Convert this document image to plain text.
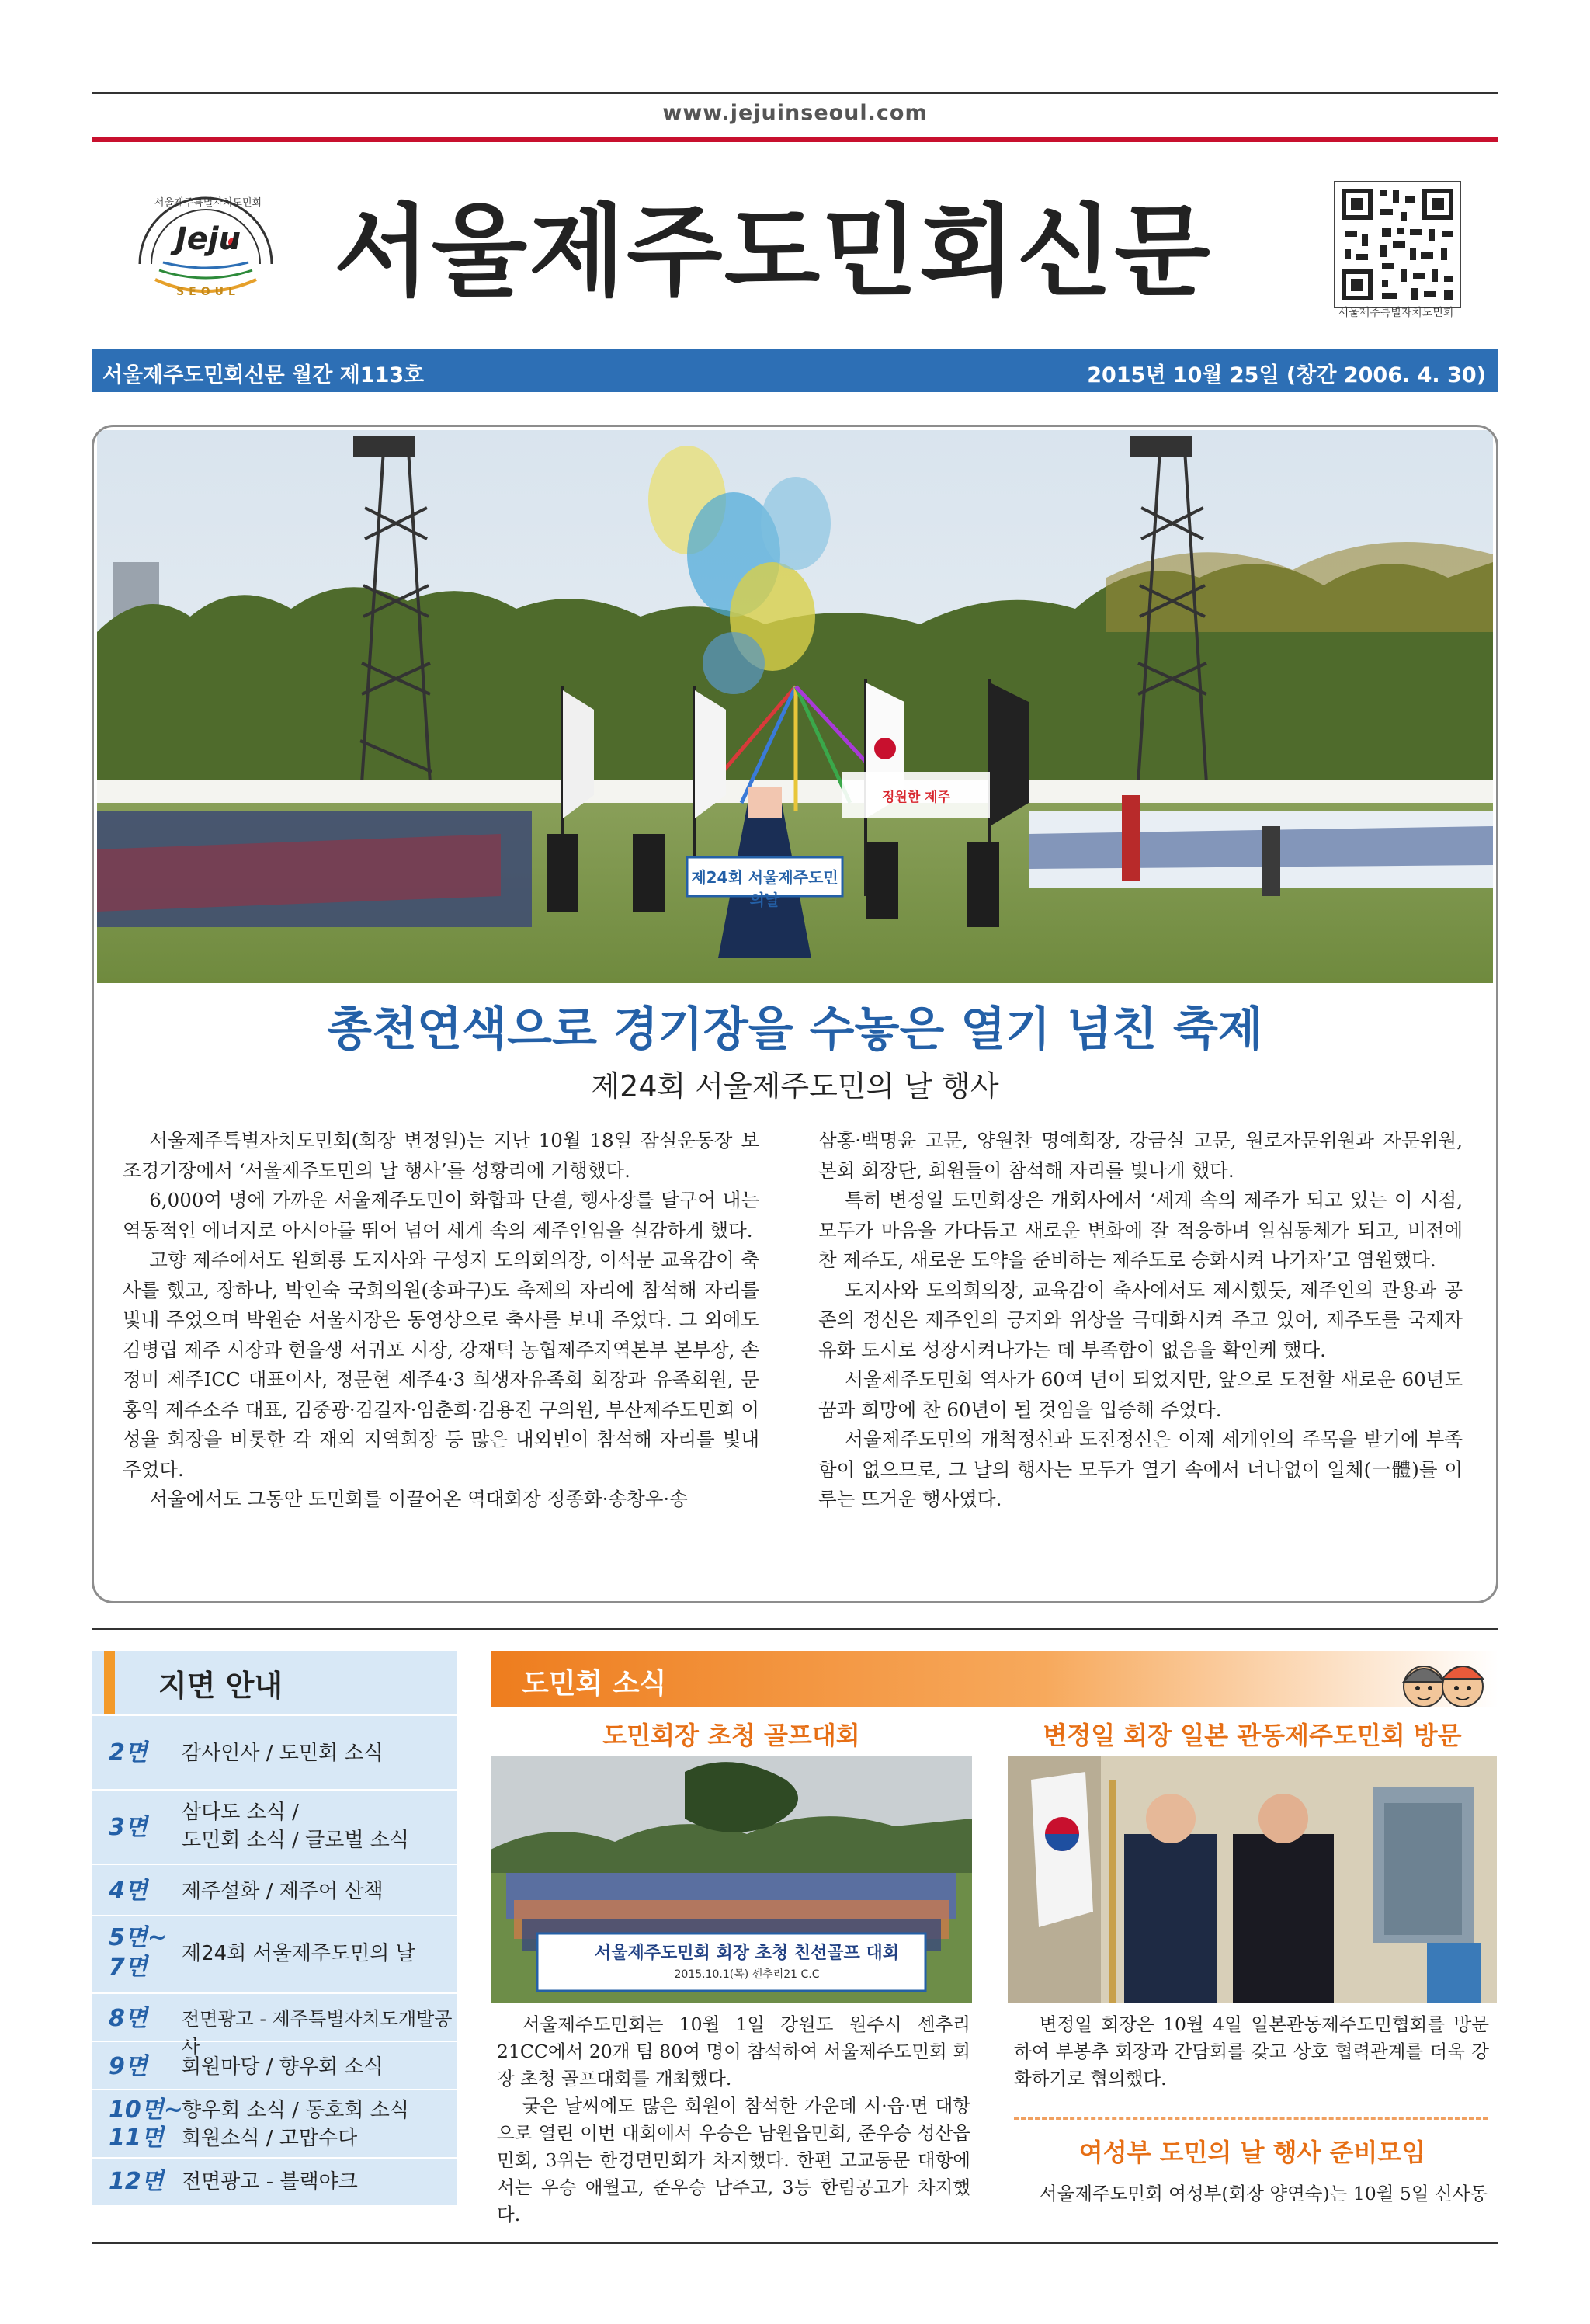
www.jejuinseoul.com
Jeju
서울제주특별자치도민회
SEOUL 서울제주도민회신문
서울제주특별자치도민회
서울제주도민회신문 월간 제113호	2015년 10월 25일 (창간 2006. 4. 30)
제24회 서울제주도민의날
정원한 제주
총천연색으로 경기장을 수놓은 열기 넘친 축제
제24회 서울제주도민의 날 행사

서울제주특별자치도민회(회장 변정일)는 지난 10월 18일 잠실운동장 보조경기장에서 ‘서울제주도민의 날 행사’를 성황리에 거행했다.

6,000여 명에 가까운 서울제주도민이 화합과 단결, 행사장를 달구어 내는 역동적인 에너지로 아시아를 뛰어 넘어 세계 속의 제주인임을 실감하게 했다.

고향 제주에서도 원희룡 도지사와 구성지 도의회의장, 이석문 교육감이 축사를 했고, 장하나, 박인숙 국회의원(송파구)도 축제의 자리에 참석해 자리를 빛내 주었으며 박원순 서울시장은 동영상으로 축사를 보내 주었다. 그 외에도 김병립 제주 시장과 현을생 서귀포 시장, 강재덕 농협제주지역본부 본부장, 손정미 제주ICC 대표이사, 정문현 제주4·3 희생자유족회 회장과 유족회원, 문홍익 제주소주 대표, 김중광·김길자·임춘희·김용진 구의원, 부산제주도민회 이성율 회장을 비롯한 각 재외 지역회장 등 많은 내외빈이 참석해 자리를 빛내 주었다.

서울에서도 그동안 도민회를 이끌어온 역대회장 정종화·송창우·송

삼홍·백명윤 고문, 양원찬 명예회장, 강금실 고문, 원로자문위원과 자문위원, 본회 회장단, 회원들이 참석해 자리를 빛나게 했다.

특히 변정일 도민회장은 개회사에서 ‘세계 속의 제주가 되고 있는 이 시점, 모두가 마음을 가다듬고 새로운 변화에 잘 적응하며 일심동체가 되고, 비전에 찬 제주도, 새로운 도약을 준비하는 제주도로 승화시켜 나가자’고 염원했다.

도지사와 도의회의장, 교육감이 축사에서도 제시했듯, 제주인의 관용과 공존의 정신은 제주인의 긍지와 위상을 극대화시켜 주고 있어, 제주도를 국제자유화 도시로 성장시켜나가는 데 부족함이 없음을 확인케 했다.

서울제주도민회 역사가 60여 년이 되었지만, 앞으로 도전할 새로운 60년도 꿈과 희망에 찬 60년이 될 것임을 입증해 주었다.

서울제주도민의 개척정신과 도전정신은 이제 세계인의 주목을 받기에 부족함이 없으므로, 그 날의 행사는 모두가 열기 속에서 너나없이 일체(一體)를 이루는 뜨거운 행사였다.

지면 안내
2면 감사인사 / 도민회 소식
3면
삼다도 소식 /
도민회 소식 / 글로벌 소식
4면 제주설화 / 제주어 산책
5면~
7면 제24회 서울제주도민의 날
8면 전면광고 - 제주특별자치도개발공사
9면 회원마당 / 향우회 소식
10면~
11면
향우회 소식 / 동호회 소식
회원소식 / 고맙수다
12면 전면광고 - 블랙야크
도민회 소식
도민회장 초청 골프대회
서울제주도민회 회장 초청 친선골프 대회
2015.10.1(목) 센추리21 C.C

서울제주도민회는 10월 1일 강원도 원주시 센추리21CC에서 20개 팀 80여 명이 참석하여 서울제주도민회 회장 초청 골프대회를 개최했다.

궂은 날씨에도 많은 회원이 참석한 가운데 시·읍·면 대항으로 열린 이번 대회에서 우승은 남원읍민회, 준우승 성산읍민회, 3위는 한경면민회가 차지했다. 한편 고교동문 대항에서는 우승 애월고, 준우승 남주고, 3등 한림공고가 차지했다.

변정일 회장 일본 관동제주도민회 방문

변정일 회장은 10월 4일 일본관동제주도민협회를 방문하여 부봉추 회장과 간담회를 갖고 상호 협력관계를 더욱 강화하기로 협의했다.

여성부 도민의 날 행사 준비모임

서울제주도민회 여성부(회장 양연숙)는 10월 5일 신사동
